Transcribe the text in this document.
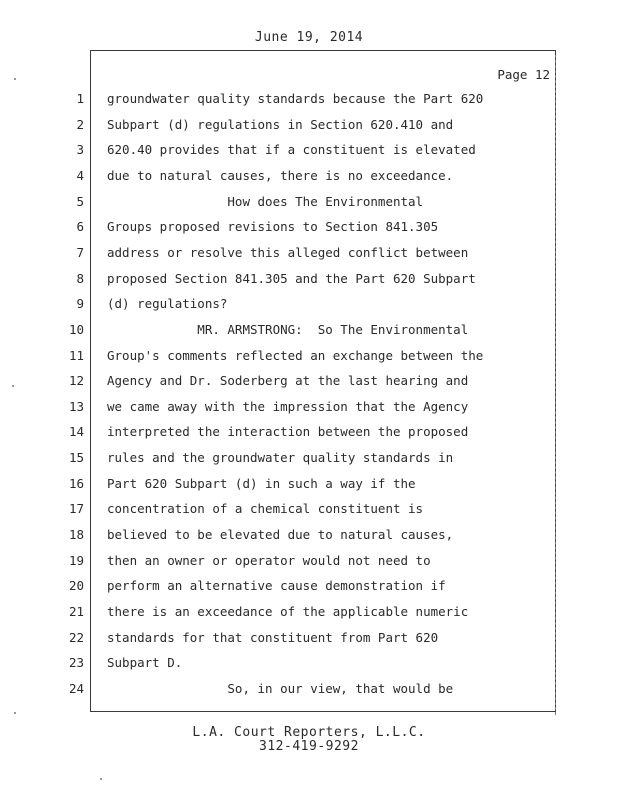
June 19, 2014
Page 12
1 groundwater quality standards because the Part 620
2 Subpart (d) regulations in Section 620.410 and
3 620.40 provides that if a constituent is elevated
4 due to natural causes, there is no exceedance.
5 How does The Environmental
6 Groups proposed revisions to Section 841.305
7 address or resolve this alleged conflict between
8 proposed Section 841.305 and the Part 620 Subpart
9 (d) regulations?
10 MR. ARMSTRONG:  So The Environmental
11 Group's comments reflected an exchange between the
12 Agency and Dr. Soderberg at the last hearing and
13 we came away with the impression that the Agency
14 interpreted the interaction between the proposed
15 rules and the groundwater quality standards in
16 Part 620 Subpart (d) in such a way if the
17 concentration of a chemical constituent is
18 believed to be elevated due to natural causes,
19 then an owner or operator would not need to
20 perform an alternative cause demonstration if
21 there is an exceedance of the applicable numeric
22 standards for that constituent from Part 620
23 Subpart D.
24 So, in our view, that would be
L.A. Court Reporters, L.L.C.
312-419-9292
